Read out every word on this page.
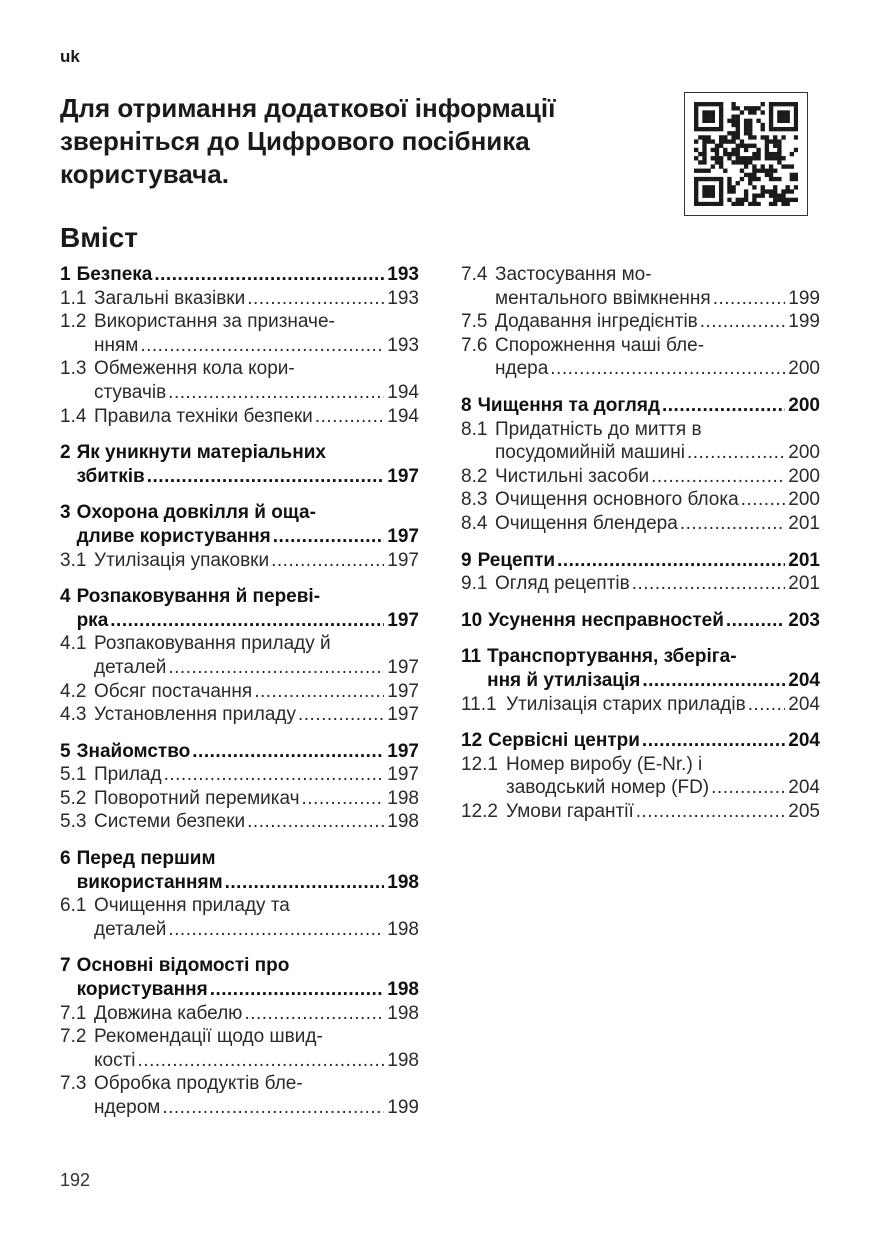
uk
Для отримання додаткової інформації зверніться до Цифрового посібника користувача.
Вміст
1 Безпека .....	193
1.1 Загальні вказівки .....	193
1.2 Використання за призначе-
нням .....	193
1.3 Обмеження кола кори-
стувачів .....	194
1.4 Правила техніки безпеки .....	194
2 Як уникнути матеріальних
збитків .....	197
3 Охорона довкілля й оща-
дливе користування .....	197
3.1 Утилізація упаковки .....	197
4 Розпаковування й переві-
рка .....	197
4.1 Розпаковування приладу й
деталей .....	197
4.2 Обсяг постачання .....	197
4.3 Установлення приладу .....	197
5 Знайомство .....	197
5.1 Прилад .....	197
5.2 Поворотний перемикач .....	198
5.3 Системи безпеки .....	198
6 Перед першим
використанням .....	198
6.1 Очищення приладу та
деталей .....	198
7 Основні відомості про
користування .....	198
7.1 Довжина кабелю .....	198
7.2 Рекомендації щодо швид-
кості .....	198
7.3 Обробка продуктів бле-
ндером .....	199
7.4 Застосування мо-
ментального ввімкнення .....	199
7.5 Додавання інгредієнтів .....	199
7.6 Спорожнення чаші бле-
ндера .....	200
8 Чищення та догляд .....	200
8.1 Придатність до миття в
посудомийній машині .....	200
8.2 Чистильні засоби .....	200
8.3 Очищення основного блока .....	200
8.4 Очищення блендера .....	201
9 Рецепти .....	201
9.1 Огляд рецептів .....	201
10 Усунення несправностей .....	203
11 Транспортування, зберіга-
ння й утилізація .....	204
11.1 Утилізація старих приладів ..... 204
12 Сервісні центри .....	204
12.1 Номер виробу (E-Nr.) і
заводський номер (FD) .....	204
12.2 Умови гарантії .....	205
192
